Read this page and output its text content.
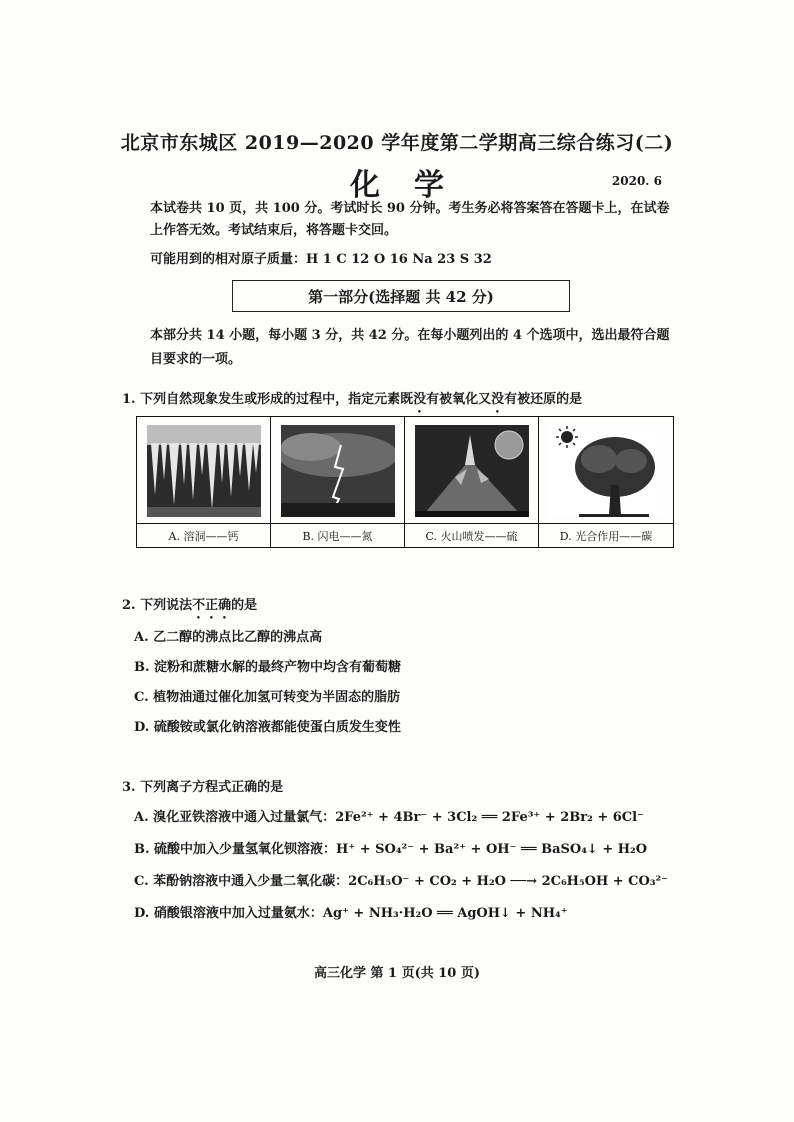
北京市东城区 2019—2020 学年度第二学期高三综合练习(二)
化学	2020. 6
本试卷共 10 页，共 100 分。考试时长 90 分钟。考生务必将答案答在答题卡上，在试卷上作答无效。考试结束后，将答题卡交回。
可能用到的相对原子质量：H 1 C 12 O 16 Na 23 S 32
第一部分(选择题 共 42 分)
本部分共 14 小题，每小题 3 分，共 42 分。在每小题列出的 4 个选项中，选出最符合题目要求的一项。
1. 下列自然现象发生或形成的过程中，指定元素既没有被氧化又没有被还原的是
A. 溶洞——钙	B. 闪电——氮	C. 火山喷发——硫	D. 光合作用——碳
2. 下列说法不正确的是
A. 乙二醇的沸点比乙醇的沸点高
B. 淀粉和蔗糖水解的最终产物中均含有葡萄糖
C. 植物油通过催化加氢可转变为半固态的脂肪
D. 硫酸铵或氯化钠溶液都能使蛋白质发生变性
3. 下列离子方程式正确的是
A. 溴化亚铁溶液中通入过量氯气：2Fe²⁺ + 4Br⁻ + 3Cl₂ ══ 2Fe³⁺ + 2Br₂ + 6Cl⁻
B. 硫酸中加入少量氢氧化钡溶液：H⁺ + SO₄²⁻ + Ba²⁺ + OH⁻ ══ BaSO₄↓ + H₂O
C. 苯酚钠溶液中通入少量二氧化碳：2C₆H₅O⁻ + CO₂ + H₂O ──→ 2C₆H₅OH + CO₃²⁻
D. 硝酸银溶液中加入过量氨水：Ag⁺ + NH₃·H₂O ══ AgOH↓ + NH₄⁺
高三化学 第 1 页(共 10 页)
